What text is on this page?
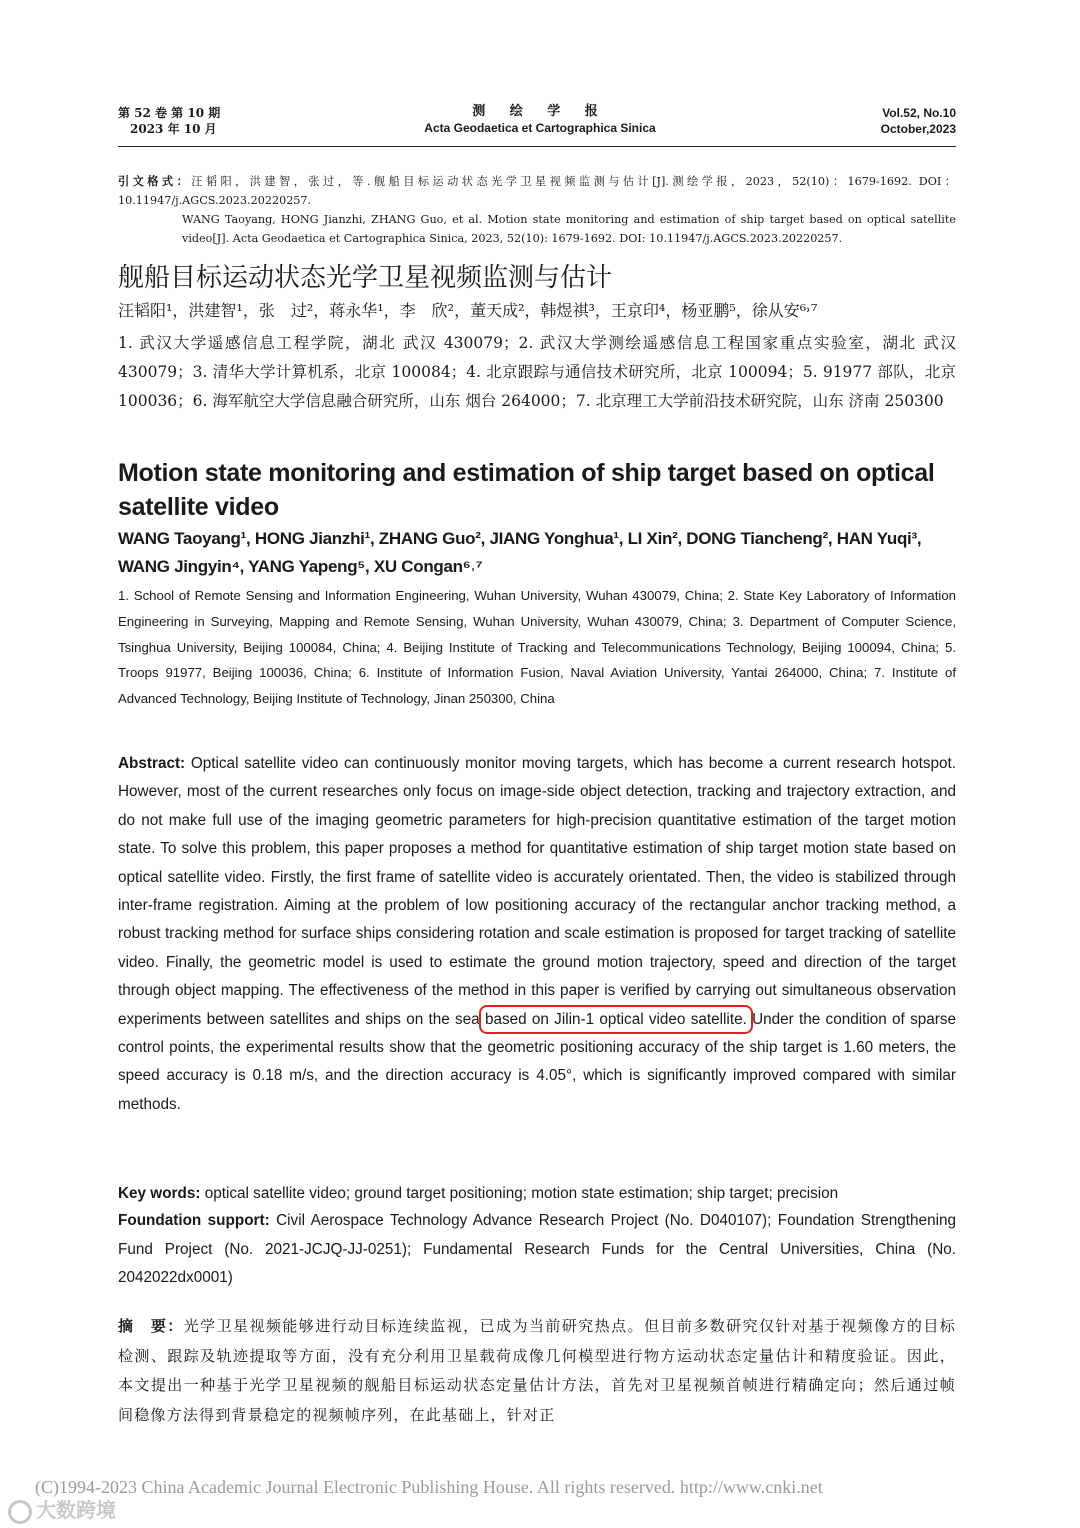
第 52 卷 第 10 期
2023 年 10 月
测 绘 学 报
Acta Geodaetica et Cartographica Sinica
Vol.52, No.10
October,2023
引文格式：汪韬阳，洪建智，张过，等.舰船目标运动状态光学卫星视频监测与估计[J].测绘学报，2023，52(10)：1679-1692. DOI：10.11947/j.AGCS.2023.20220257.
WANG Taoyang, HONG Jianzhi, ZHANG Guo, et al. Motion state monitoring and estimation of ship target based on optical satellite video[J]. Acta Geodaetica et Cartographica Sinica, 2023, 52(10): 1679-1692. DOI: 10.11947/j.AGCS.2023.20220257.
舰船目标运动状态光学卫星视频监测与估计
汪韬阳¹，洪建智¹，张　过²，蒋永华¹，李　欣²，董天成²，韩煜祺³，王京印⁴，杨亚鹏⁵，徐从安⁶˒⁷
1. 武汉大学遥感信息工程学院，湖北 武汉 430079；2. 武汉大学测绘遥感信息工程国家重点实验室，湖北 武汉 430079；3. 清华大学计算机系，北京 100084；4. 北京跟踪与通信技术研究所，北京 100094；5. 91977 部队，北京 100036；6. 海军航空大学信息融合研究所，山东 烟台 264000；7. 北京理工大学前沿技术研究院，山东 济南 250300
Motion state monitoring and estimation of ship target based on optical satellite video
WANG Taoyang¹, HONG Jianzhi¹, ZHANG Guo², JIANG Yonghua¹, LI Xin², DONG Tiancheng², HAN Yuqi³, WANG Jingyin⁴, YANG Yapeng⁵, XU Congan⁶˒⁷
1. School of Remote Sensing and Information Engineering, Wuhan University, Wuhan 430079, China; 2. State Key Laboratory of Information Engineering in Surveying, Mapping and Remote Sensing, Wuhan University, Wuhan 430079, China; 3. Department of Computer Science, Tsinghua University, Beijing 100084, China; 4. Beijing Institute of Tracking and Telecommunications Technology, Beijing 100094, China; 5. Troops 91977, Beijing 100036, China; 6. Institute of Information Fusion, Naval Aviation University, Yantai 264000, China; 7. Institute of Advanced Technology, Beijing Institute of Technology, Jinan 250300, China
Abstract: Optical satellite video can continuously monitor moving targets, which has become a current research hotspot. However, most of the current researches only focus on image-side object detection, tracking and trajectory extraction, and do not make full use of the imaging geometric parameters for high-precision quantitative estimation of the target motion state. To solve this problem, this paper proposes a method for quantitative estimation of ship target motion state based on optical satellite video. Firstly, the first frame of satellite video is accurately orientated. Then, the video is stabilized through inter-frame registration. Aiming at the problem of low positioning accuracy of the rectangular anchor tracking method, a robust tracking method for surface ships considering rotation and scale estimation is proposed for target tracking of satellite video. Finally, the geometric model is used to estimate the ground motion trajectory, speed and direction of the target through object mapping. The effectiveness of the method in this paper is verified by carrying out simultaneous observation experiments between satellites and ships on the sea based on Jilin-1 optical video satellite. Under the condition of sparse control points, the experimental results show that the geometric positioning accuracy of the ship target is 1.60 meters, the speed accuracy is 0.18 m/s, and the direction accuracy is 4.05°, which is significantly improved compared with similar methods.
Key words: optical satellite video; ground target positioning; motion state estimation; ship target; precision
Foundation support: Civil Aerospace Technology Advance Research Project (No. D040107); Foundation Strengthening Fund Project (No. 2021-JCJQ-JJ-0251); Fundamental Research Funds for the Central Universities, China (No. 2042022dx0001)
摘　要：光学卫星视频能够进行动目标连续监视，已成为当前研究热点。但目前多数研究仅针对基于视频像方的目标检测、跟踪及轨迹提取等方面，没有充分利用卫星载荷成像几何模型进行物方运动状态定量估计和精度验证。因此，本文提出一种基于光学卫星视频的舰船目标运动状态定量估计方法，首先对卫星视频首帧进行精确定向；然后通过帧间稳像方法得到背景稳定的视频帧序列，在此基础上，针对正
(C)1994-2023 China Academic Journal Electronic Publishing House. All rights reserved. http://www.cnki.net
大数跨境
